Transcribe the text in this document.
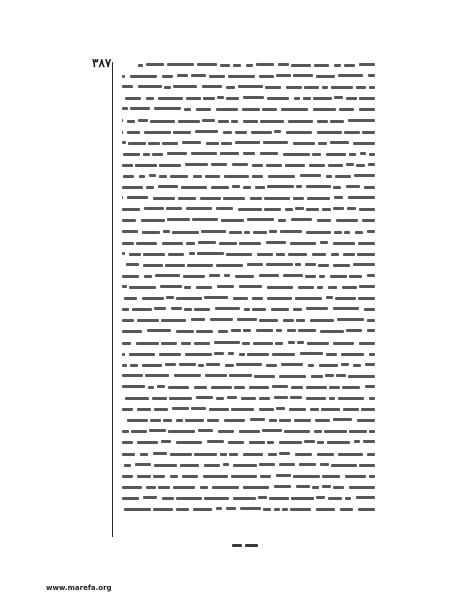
٣٨٧
www.marefa.org
